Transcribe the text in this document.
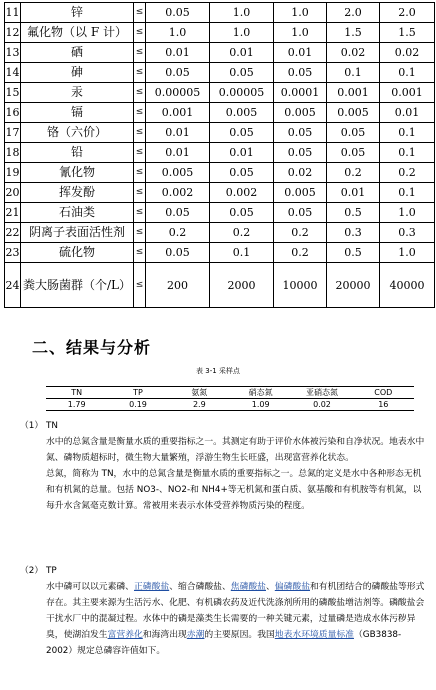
11	锌	≤	0.05	1.0	1.0	2.0	2.0
12	氟化物（以 F 计）	≤	1.0	1.0	1.0	1.5	1.5
13	硒	≤	0.01	0.01	0.01	0.02	0.02
14	砷	≤	0.05	0.05	0.05	0.1	0.1
15	汞	≤	0.00005	0.00005	0.0001	0.001	0.001
16	镉	≤	0.001	0.005	0.005	0.005	0.01
17	铬（六价）	≤	0.01	0.05	0.05	0.05	0.1
18	铅	≤	0.01	0.01	0.05	0.05	0.1
19	氰化物	≤	0.005	0.05	0.02	0.2	0.2
20	挥发酚	≤	0.002	0.002	0.005	0.01	0.1
21	石油类	≤	0.05	0.05	0.05	0.5	1.0
22	阴离子表面活性剂	≤	0.2	0.2	0.2	0.3	0.3
23	硫化物	≤	0.05	0.1	0.2	0.5	1.0
24	粪大肠菌群（个/L）	≤	200	2000	10000	20000	40000
二、结果与分析
表 3-1 采样点
TN	TP	氨氮	硝态氮	亚硝态氮	COD
1.79	0.19	2.9	1.09	0.02	16
（1） TN

水中的总氮含量是衡量水质的重要指标之一。其测定有助于评价水体被污染和自净状况。地表水中氮、磷物质超标时，微生物大量繁殖，浮游生物生长旺盛，出现富营养化状态。

总氮，简称为 TN，水中的总氮含量是衡量水质的重要指标之一。总氮的定义是水中各种形态无机和有机氮的总量。包括 NO3-、NO2-和 NH4+等无机氮和蛋白质、氨基酸和有机胺等有机氮，以每升水含氮毫克数计算。常被用来表示水体受营养物质污染的程度。

（2） TP

水中磷可以以元素磷、正磷酸盐、缩合磷酸盐、焦磷酸盐、偏磷酸盐和有机团结合的磷酸盐等形式存在。其主要来源为生活污水、化肥、有机磷农药及近代洗涤剂所用的磷酸盐增洁剂等。磷酸盐会干扰水厂中的混凝过程。水体中的磷是藻类生长需要的一种关键元素，过量磷是造成水体污秽异臭，使湖泊发生富营养化和海湾出现赤潮的主要原因。我国地表水环境质量标准（GB3838-2002）规定总磷容许值如下。
